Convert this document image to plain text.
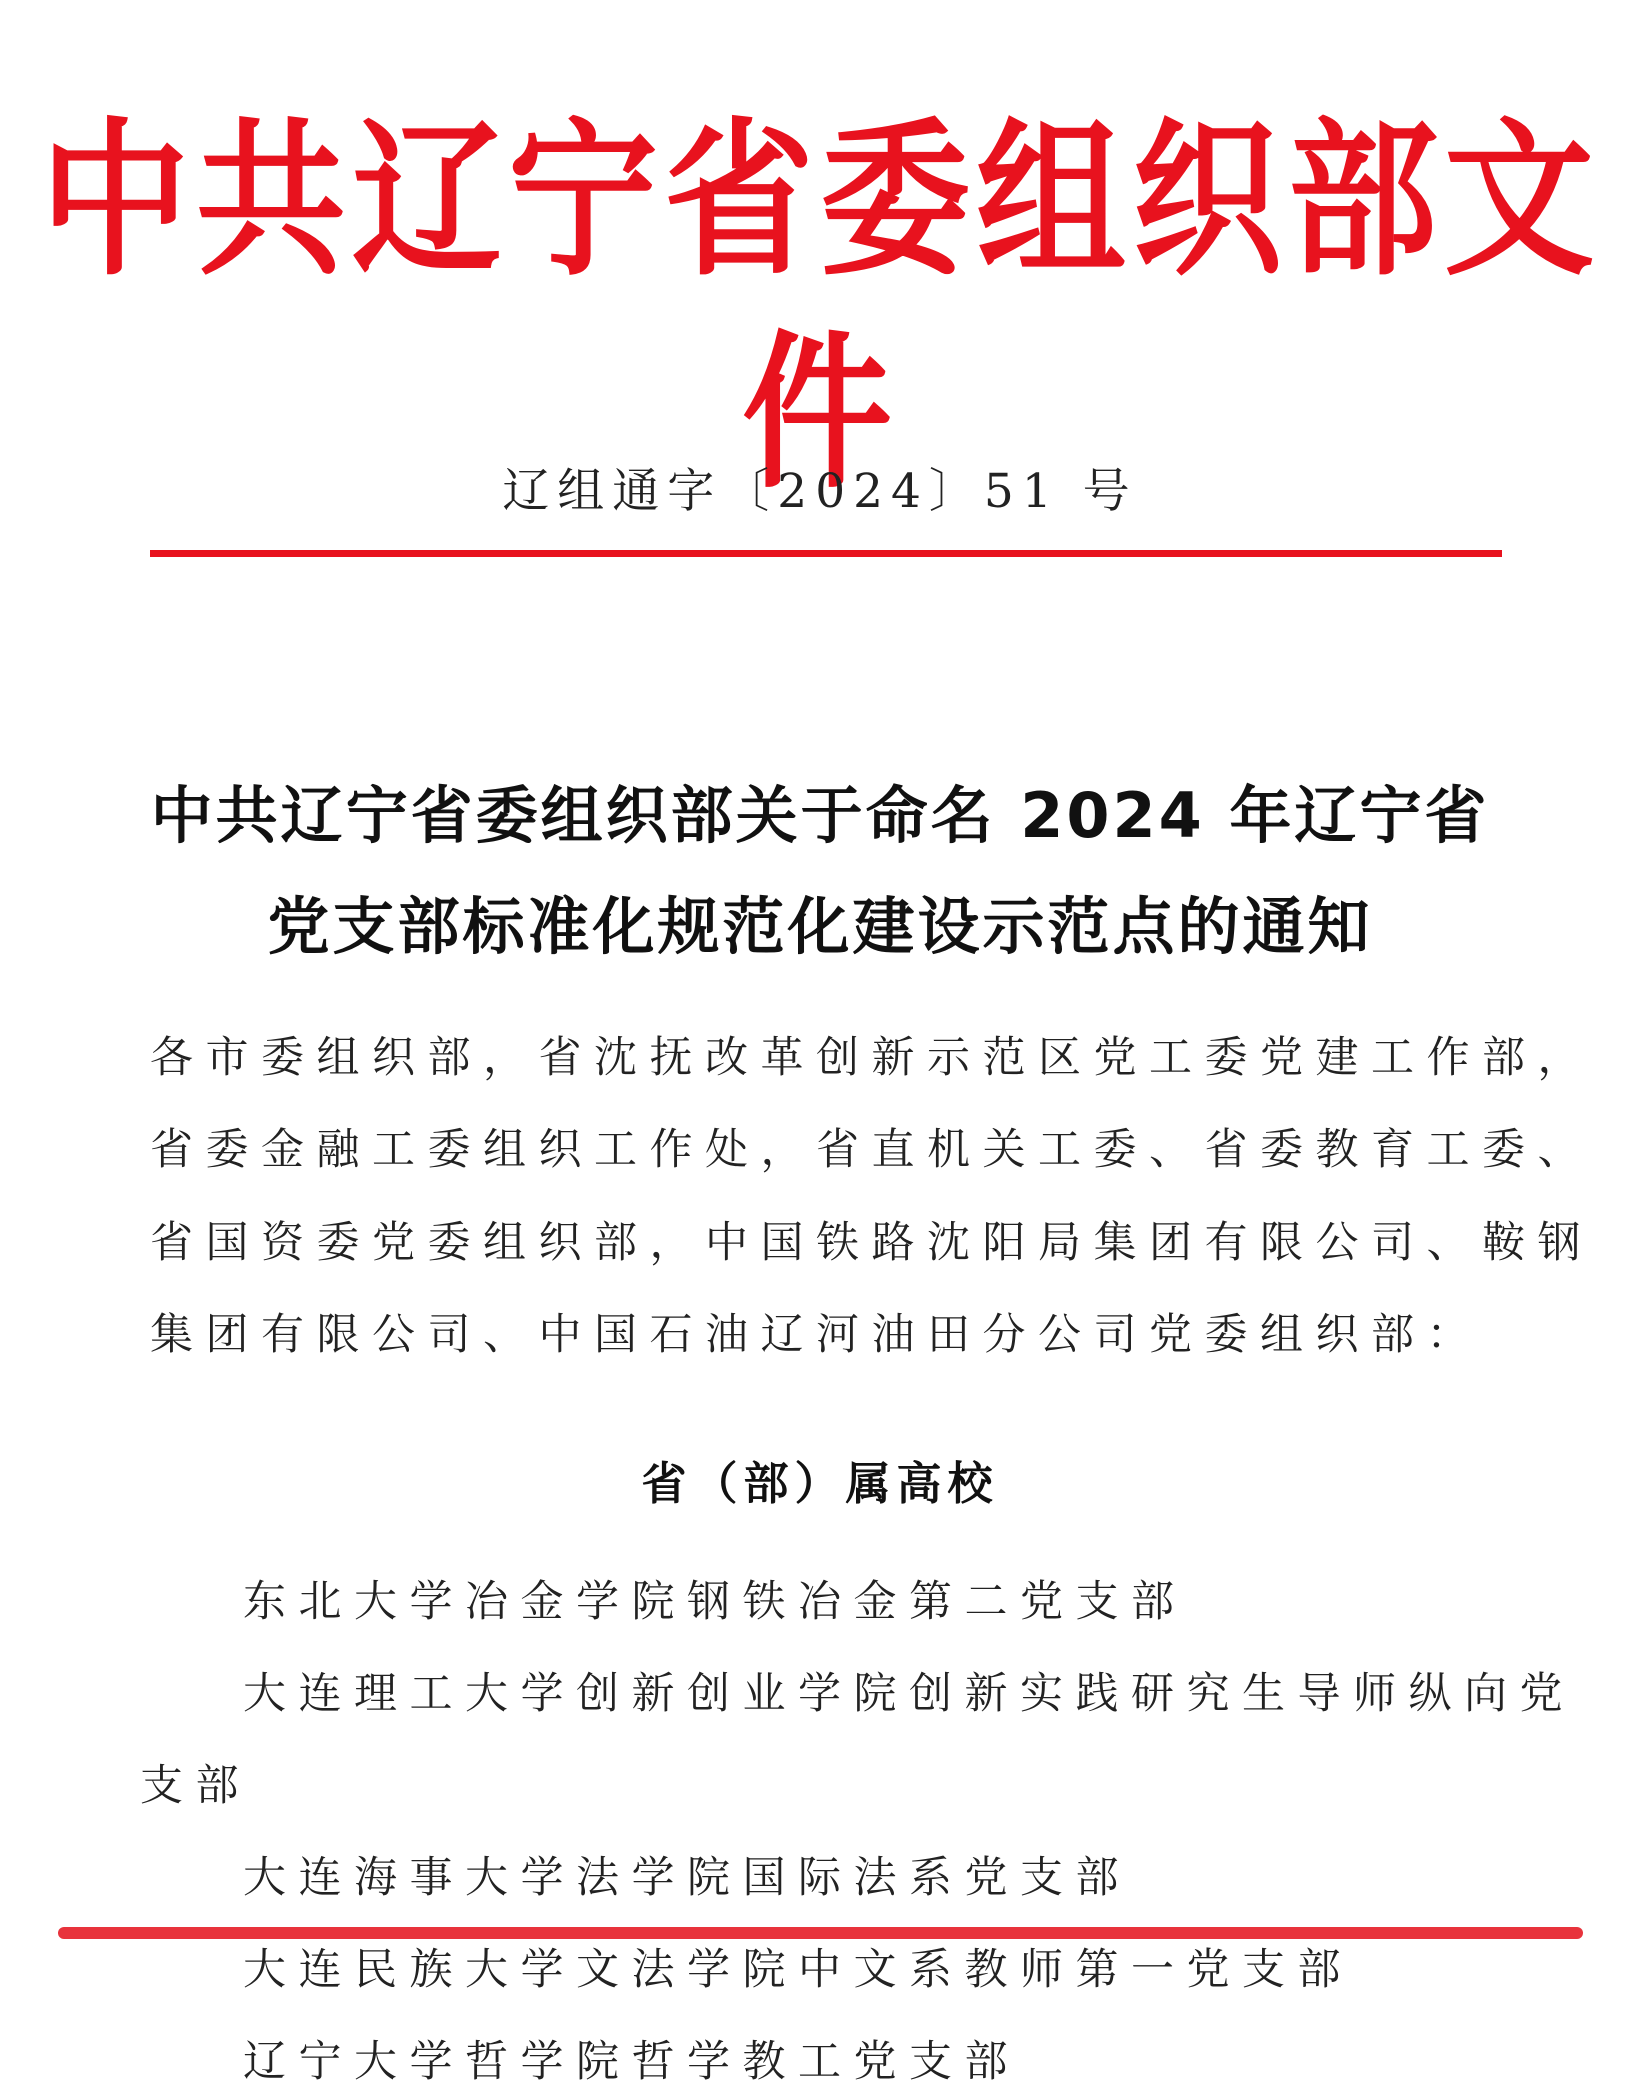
中共辽宁省委组织部文件
辽组通字〔2024〕51 号
中共辽宁省委组织部关于命名 2024 年辽宁省
党支部标准化规范化建设示范点的通知
各市委组织部，省沈抚改革创新示范区党工委党建工作部，
省委金融工委组织工作处，省直机关工委、省委教育工委、
省国资委党委组织部，中国铁路沈阳局集团有限公司、鞍钢
集团有限公司、中国石油辽河油田分公司党委组织部：
省（部）属高校
东北大学冶金学院钢铁冶金第二党支部
大连理工大学创新创业学院创新实践研究生导师纵向党
支部
大连海事大学法学院国际法系党支部
大连民族大学文法学院中文系教师第一党支部
辽宁大学哲学院哲学教工党支部
